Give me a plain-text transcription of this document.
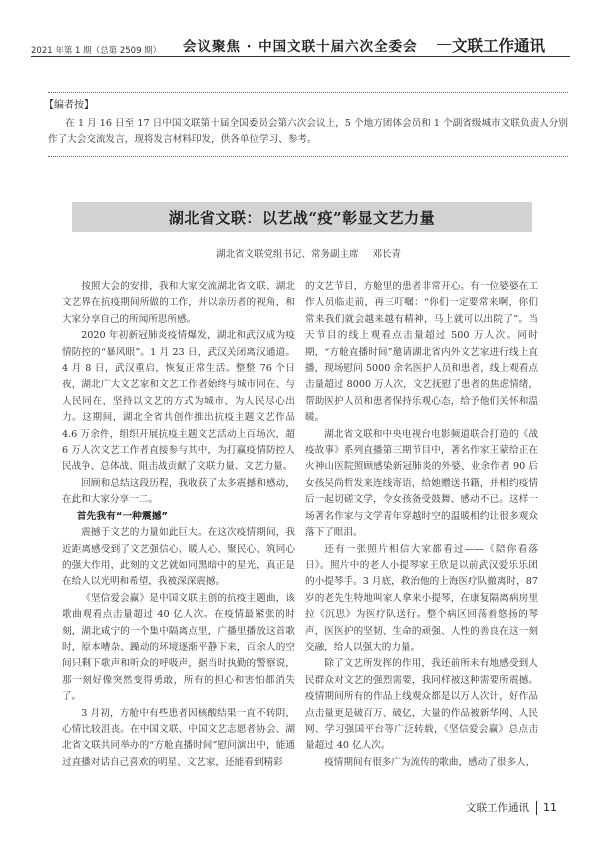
2021 年第 1 期（总第 2509 期） 会议聚焦 · 中国文联十届六次全委会 文联工作通讯
【编者按】
在 1 月 16 日至 17 日中国文联第十届全国委员会第六次会议上，5 个地方团体会员和 1 个副省级城市文联负责人分别作了大会交流发言，现将发言材料印发，供各单位学习、参考。
湖北省文联：以艺战“疫”彰显文艺力量
湖北省文联党组书记、常务副主席 邓长青

按照大会的安排，我和大家交流湖北省文联、湖北文艺界在抗疫期间所做的工作，并以亲历者的视角，和大家分享自己的所闻所思所感。

2020 年初新冠肺炎疫情爆发，湖北和武汉成为疫情防控的“暴风眼”。1 月 23 日，武汉关闭离汉通道。4 月 8 日，武汉重启，恢复正常生活。整整 76 个日夜，湖北广大文艺家和文艺工作者始终与城市同在、与人民同在，坚持以文艺的方式为城市、为人民尽心出力。这期间，湖北全省共创作推出抗疫主题文艺作品 4.6 万余件，组织开展抗疫主题文艺活动上百场次，超 6 万人次文艺工作者直接参与其中，为打赢疫情防控人民战争、总体战、阻击战贡献了文联力量、文艺力量。

回顾和总结这段历程，我收获了太多震撼和感动，在此和大家分享一二。

首先我有“一种震撼”

震撼于文艺的力量如此巨大。在这次疫情期间，我近距离感受到了文艺强信心、暖人心、聚民心、筑同心的强大作用，此刻的文艺就如同黑暗中的星光，真正是在给人以光明和希望，我被深深震撼。

《坚信爱会赢》是中国文联主创的抗疫主题曲，该歌曲观看点击量超过 40 亿人次。在疫情最紧张的时刻，湖北咸宁的一个集中隔离点里，广播里播放这首歌时，原本嘈杂、躁动的环境逐渐平静下来，百余人的空间只剩下歌声和听众的呼吸声，据当时执勤的警察说，那一刻好像突然变得勇敢，所有的担心和害怕都消失了。

3 月初，方舱中有些患者因核酸结果一直不转阴，心情比较沮丧。在中国文联、中国文艺志愿者协会、湖北省文联共同举办的“方舱直播时间”慰问演出中，能通过直播对话自己喜欢的明星、文艺家，还能看到精彩

的文艺节目，方舱里的患者非常开心。有一位婆婆在工作人员临走前，再三叮嘱：“你们一定要常来啊，你们常来我们就会越来越有精神，马上就可以出院了”。当天节目的线上观看点击量超过 500 万人次。同时期，“方舱直播时间”邀请湖北省内外文艺家进行线上直播，现场慰问 5000 余名医护人员和患者，线上观看点击量超过 8000 万人次，文艺抚慰了患者的焦虑情绪，帮助医护人员和患者保持乐观心态，给予他们关怀和温暖。

湖北省文联和中央电视台电影频道联合打造的《战疫故事》系列直播第三期节目中，著名作家王蒙给正在火神山医院照顾感染新冠肺炎的外婆、业余作者 90 后女孩吴尚哲发来连线寄语，给她赠送书籍，并相约疫情后一起切磋文学，令女孩备受鼓舞、感动不已。这样一场著名作家与文学青年穿越时空的温暖相约让很多观众落下了眼泪。

还有一张照片相信大家都看过——《陪你看落日》。照片中的老人小提琴家王欣是以前武汉爱乐乐团的小提琴手。3 月底，救治他的上海医疗队撤离时，87 岁的老先生特地叫家人拿来小提琴，在康复隔离病房里拉《沉思》为医疗队送行。整个病区回荡着悠扬的琴声，医医护的坚韧、生命的顽强、人性的善良在这一刻交融，给人以强大的力量。

除了文艺所发挥的作用，我还前所未有地感受到人民群众对文艺的强烈需要，我同样被这种需要所震撼。疫情期间所有的作品上线观众都是以万人次计，好作品点击量更是破百万、破亿，大量的作品被新华网、人民网、学习强国平台等广泛转载，《坚信爱会赢》总点击量超过 40 亿人次。

疫情期间有很多广为流传的歌曲，感动了很多人，

文联工作通讯 11
